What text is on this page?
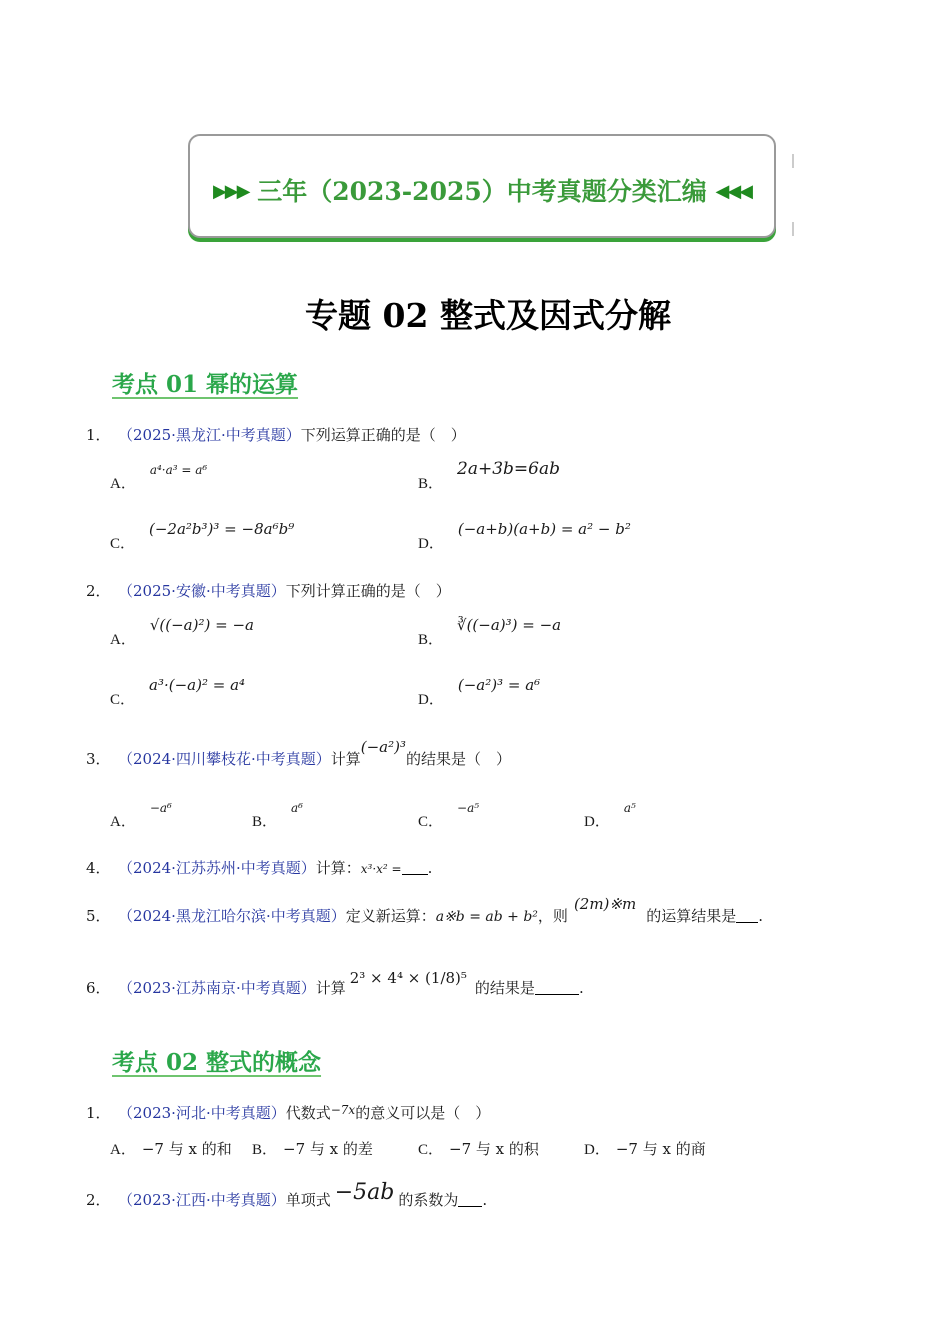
▶▶▶ 三年（2023-2025）中考真题分类汇编 ◀◀◀
专题 02 整式及因式分解
考点 01 幂的运算
1． （2025·黑龙江·中考真题）下列运算正确的是（　）
A．a⁴·a³ = a⁶
B．2a+3b=6ab
C．(−2a²b³)³ = −8a⁶b⁹
D．(−a+b)(a+b) = a² − b²
2． （2025·安徽·中考真题）下列计算正确的是（　）
A．√((−a)²) = −a
B．∛((−a)³) = −a
C．a³·(−a)² = a⁴
D．(−a²)³ = a⁶
3． （2024·四川攀枝花·中考真题）计算(−a²)³的结果是（　）
A．−a⁶
B．a⁶
C．−a⁵
D．a⁵
4． （2024·江苏苏州·中考真题）计算：x³·x² = .
5． （2024·黑龙江哈尔滨·中考真题）定义新运算：a※b = ab + b²，则(2m)※m的运算结果是 .
6． （2023·江苏南京·中考真题）计算2³ × 4⁴ × (1/8)⁵的结果是	.
考点 02 整式的概念
1． （2023·河北·中考真题）代数式$^{-7x}$的意义可以是（　）
A． −7 与 x 的和 B． −7 与 x 的差	C． −7 与 x 的积	D． −7 与 x 的商
2． （2023·江西·中考真题）单项式 −5ab 的系数为 .
